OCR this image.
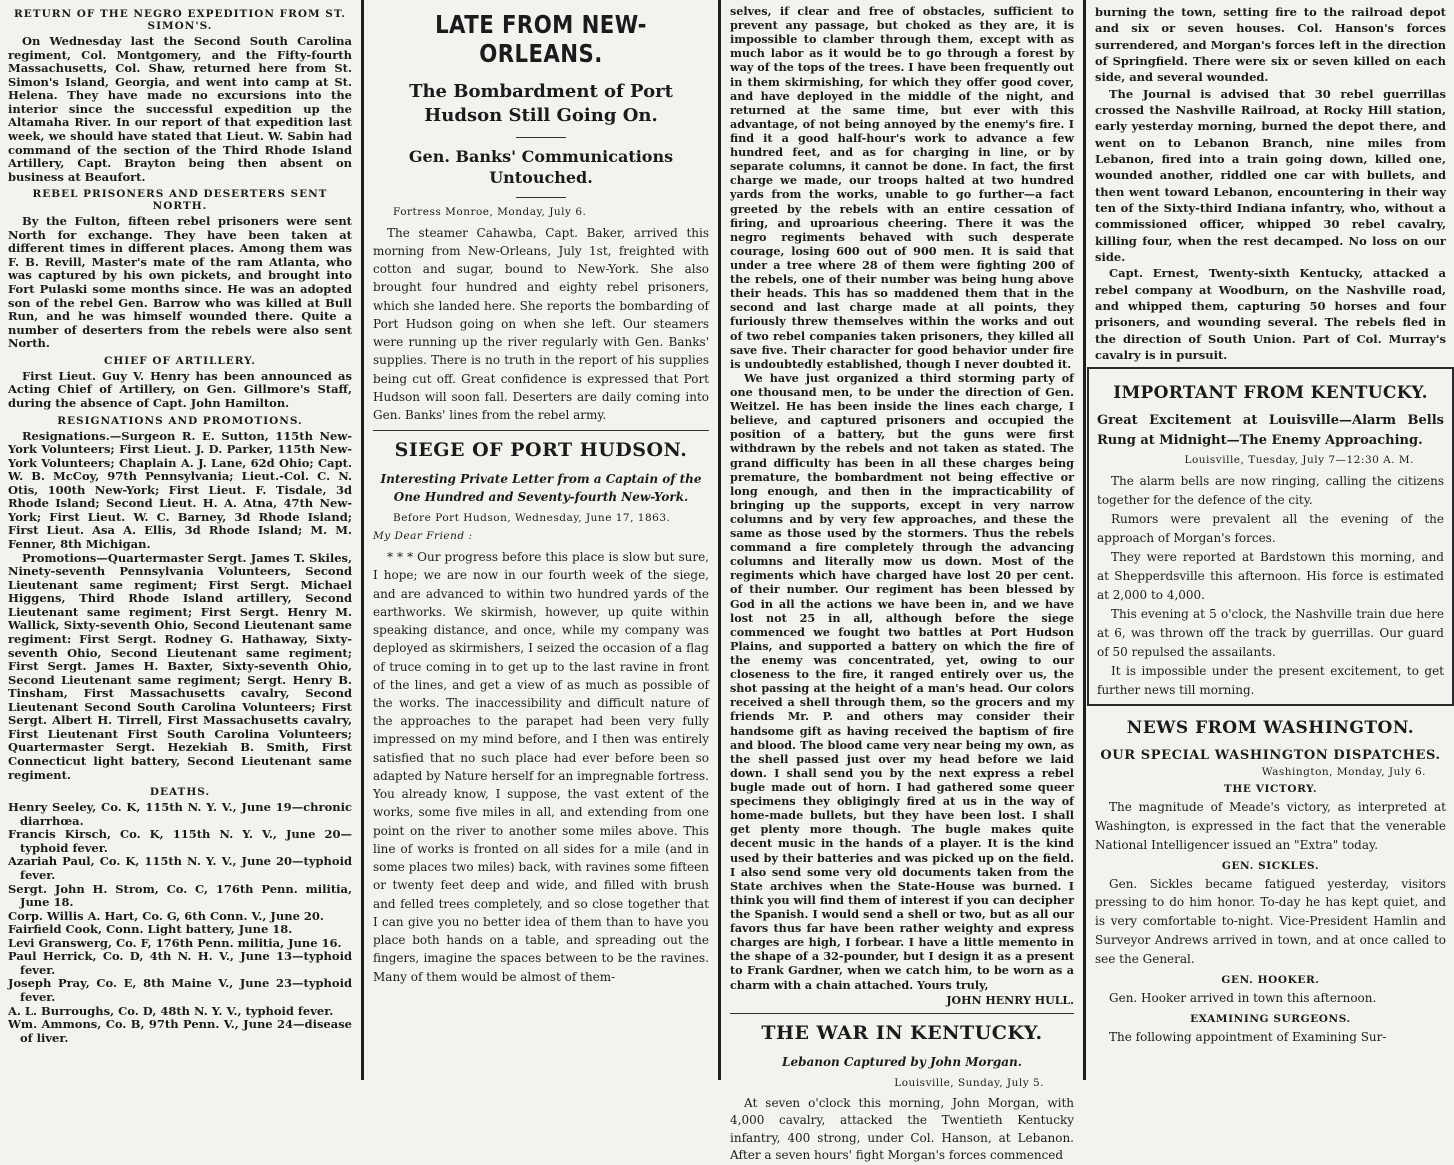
RETURN OF THE NEGRO EXPEDITION FROM ST. SIMON'S.

On Wednesday last the Second South Carolina regiment, Col. Montgomery, and the Fifty-fourth Massachusetts, Col. Shaw, returned here from St. Simon's Island, Georgia, and went into camp at St. Helena. They have made no excursions into the interior since the successful expedition up the Altamaha River. In our report of that expedition last week, we should have stated that Lieut. W. Sabin had command of the section of the Third Rhode Island Artillery, Capt. Brayton being then absent on business at Beaufort.

REBEL PRISONERS AND DESERTERS SENT NORTH.

By the Fulton, fifteen rebel prisoners were sent North for exchange. They have been taken at different times in different places. Among them was F. B. Revill, Master's mate of the ram Atlanta, who was captured by his own pickets, and brought into Fort Pulaski some months since. He was an adopted son of the rebel Gen. Barrow who was killed at Bull Run, and he was himself wounded there. Quite a number of deserters from the rebels were also sent North.

CHIEF OF ARTILLERY.

First Lieut. Guy V. Henry has been announced as Acting Chief of Artillery, on Gen. Gillmore's Staff, during the absence of Capt. John Hamilton.

RESIGNATIONS AND PROMOTIONS.

Resignations.—Surgeon R. E. Sutton, 115th New-York Volunteers; First Lieut. J. D. Parker, 115th New-York Volunteers; Chaplain A. J. Lane, 62d Ohio; Capt. W. B. McCoy, 97th Pennsylvania; Lieut.-Col. C. N. Otis, 100th New-York; First Lieut. F. Tisdale, 3d Rhode Island; Second Lieut. H. A. Atna, 47th New-York; First Lieut. W. C. Barney, 3d Rhode Island; First Lieut. Asa A. Ellis, 3d Rhode Island; M. M. Fenner, 8th Michigan.

Promotions—Quartermaster Sergt. James T. Skiles, Ninety-seventh Pennsylvania Volunteers, Second Lieutenant same regiment; First Sergt. Michael Higgens, Third Rhode Island artillery, Second Lieutenant same regiment; First Sergt. Henry M. Wallick, Sixty-seventh Ohio, Second Lieutenant same regiment: First Sergt. Rodney G. Hathaway, Sixty-seventh Ohio, Second Lieutenant same regiment; First Sergt. James H. Baxter, Sixty-seventh Ohio, Second Lieutenant same regiment; Sergt. Henry B. Tinsham, First Massachusetts cavalry, Second Lieutenant Second South Carolina Volunteers; First Sergt. Albert H. Tirrell, First Massachusetts cavalry, First Lieutenant First South Carolina Volunteers; Quartermaster Sergt. Hezekiah B. Smith, First Connecticut light battery, Second Lieutenant same regiment.

DEATHS.

Henry Seeley, Co. K, 115th N. Y. V., June 19—chronic diarrhœa.

Francis Kirsch, Co. K, 115th N. Y. V., June 20—typhoid fever.

Azariah Paul, Co. K, 115th N. Y. V., June 20—typhoid fever.

Sergt. John H. Strom, Co. C, 176th Penn. militia, June 18.

Corp. Willis A. Hart, Co. G, 6th Conn. V., June 20.

Fairfield Cook, Conn. Light battery, June 18.

Levi Granswerg, Co. F, 176th Penn. militia, June 16.

Paul Herrick, Co. D, 4th N. H. V., June 13—typhoid fever.

Joseph Pray, Co. E, 8th Maine V., June 23—typhoid fever.

A. L. Burroughs, Co. D, 48th N. Y. V., typhoid fever.

Wm. Ammons, Co. B, 97th Penn. V., June 24—disease of liver.

LATE FROM NEW-ORLEANS.
The Bombardment of Port Hudson Still Going On.
Gen. Banks' Communications Untouched.
Fortress Monroe, Monday, July 6.

The steamer Cahawba, Capt. Baker, arrived this morning from New-Orleans, July 1st, freighted with cotton and sugar, bound to New-York. She also brought four hundred and eighty rebel prisoners, which she landed here. She reports the bombarding of Port Hudson going on when she left. Our steamers were running up the river regularly with Gen. Banks' supplies. There is no truth in the report of his supplies being cut off. Great confidence is expressed that Port Hudson will soon fall. Deserters are daily coming into Gen. Banks' lines from the rebel army.

SIEGE OF PORT HUDSON.
Interesting Private Letter from a Captain of the One Hundred and Seventy-fourth New-York.
Before Port Hudson, Wednesday, June 17, 1863.
My Dear Friend :

* * * Our progress before this place is slow but sure, I hope; we are now in our fourth week of the siege, and are advanced to within two hundred yards of the earthworks. We skirmish, however, up quite within speaking distance, and once, while my company was deployed as skirmishers, I seized the occasion of a flag of truce coming in to get up to the last ravine in front of the lines, and get a view of as much as possible of the works. The inaccessibility and difficult nature of the approaches to the parapet had been very fully impressed on my mind before, and I then was entirely satisfied that no such place had ever before been so adapted by Nature herself for an impregnable fortress. You already know, I suppose, the vast extent of the works, some five miles in all, and extending from one point on the river to another some miles above. This line of works is fronted on all sides for a mile (and in some places two miles) back, with ravines some fifteen or twenty feet deep and wide, and filled with brush and felled trees completely, and so close together that I can give you no better idea of them than to have you place both hands on a table, and spreading out the fingers, imagine the spaces between to be the ravines. Many of them would be almost of them-

selves, if clear and free of obstacles, sufficient to prevent any passage, but choked as they are, it is impossible to clamber through them, except with as much labor as it would be to go through a forest by way of the tops of the trees. I have been frequently out in them skirmishing, for which they offer good cover, and have deployed in the middle of the night, and returned at the same time, but ever with this advantage, of not being annoyed by the enemy's fire. I find it a good half-hour's work to advance a few hundred feet, and as for charging in line, or by separate columns, it cannot be done. In fact, the first charge we made, our troops halted at two hundred yards from the works, unable to go further—a fact greeted by the rebels with an entire cessation of firing, and uproarious cheering. There it was the negro regiments behaved with such desperate courage, losing 600 out of 900 men. It is said that under a tree where 28 of them were fighting 200 of the rebels, one of their number was being hung above their heads. This has so maddened them that in the second and last charge made at all points, they furiously threw themselves within the works and out of two rebel companies taken prisoners, they killed all save five. Their character for good behavior under fire is undoubtedly established, though I never doubted it.

We have just organized a third storming party of one thousand men, to be under the direction of Gen. Weitzel. He has been inside the lines each charge, I believe, and captured prisoners and occupied the position of a battery, but the guns were first withdrawn by the rebels and not taken as stated. The grand difficulty has been in all these charges being premature, the bombardment not being effective or long enough, and then in the impracticability of bringing up the supports, except in very narrow columns and by very few approaches, and these the same as those used by the stormers. Thus the rebels command a fire completely through the advancing columns and literally mow us down. Most of the regiments which have charged have lost 20 per cent. of their number. Our regiment has been blessed by God in all the actions we have been in, and we have lost not 25 in all, although before the siege commenced we fought two battles at Port Hudson Plains, and supported a battery on which the fire of the enemy was concentrated, yet, owing to our closeness to the fire, it ranged entirely over us, the shot passing at the height of a man's head. Our colors received a shell through them, so the grocers and my friends Mr. P. and others may consider their handsome gift as having received the baptism of fire and blood. The blood came very near being my own, as the shell passed just over my head before we laid down. I shall send you by the next express a rebel bugle made out of horn. I had gathered some queer specimens they obligingly fired at us in the way of home-made bullets, but they have been lost. I shall get plenty more though. The bugle makes quite decent music in the hands of a player. It is the kind used by their batteries and was picked up on the field. I also send some very old documents taken from the State archives when the State-House was burned. I think you will find them of interest if you can decipher the Spanish. I would send a shell or two, but as all our favors thus far have been rather weighty and express charges are high, I forbear. I have a little memento in the shape of a 32-pounder, but I design it as a present to Frank Gardner, when we catch him, to be worn as a charm with a chain attached. Yours truly,

JOHN HENRY HULL.
THE WAR IN KENTUCKY.
Lebanon Captured by John Morgan.
Louisville, Sunday, July 5.

At seven o'clock this morning, John Morgan, with 4,000 cavalry, attacked the Twentieth Kentucky infantry, 400 strong, under Col. Hanson, at Lebanon. After a seven hours' fight Morgan's forces commenced

burning the town, setting fire to the railroad depot and six or seven houses. Col. Hanson's forces surrendered, and Morgan's forces left in the direction of Springfield. There were six or seven killed on each side, and several wounded.

The Journal is advised that 30 rebel guerrillas crossed the Nashville Railroad, at Rocky Hill station, early yesterday morning, burned the depot there, and went on to Lebanon Branch, nine miles from Lebanon, fired into a train going down, killed one, wounded another, riddled one car with bullets, and then went toward Lebanon, encountering in their way ten of the Sixty-third Indiana infantry, who, without a commissioned officer, whipped 30 rebel cavalry, killing four, when the rest decamped. No loss on our side.

Capt. Ernest, Twenty-sixth Kentucky, attacked a rebel company at Woodburn, on the Nashville road, and whipped them, capturing 50 horses and four prisoners, and wounding several. The rebels fled in the direction of South Union. Part of Col. Murray's cavalry is in pursuit.

IMPORTANT FROM KENTUCKY.
Great Excitement at Louisville—Alarm Bells Rung at Midnight—The Enemy Approaching.
Louisville, Tuesday, July 7—12:30 A. M.

The alarm bells are now ringing, calling the citizens together for the defence of the city.

Rumors were prevalent all the evening of the approach of Morgan's forces.

They were reported at Bardstown this morning, and at Shepperdsville this afternoon. His force is estimated at 2,000 to 4,000.

This evening at 5 o'clock, the Nashville train due here at 6, was thrown off the track by guerrillas. Our guard of 50 repulsed the assailants.

It is impossible under the present excitement, to get further news till morning.

NEWS FROM WASHINGTON.
OUR SPECIAL WASHINGTON DISPATCHES.
Washington, Monday, July 6.
THE VICTORY.

The magnitude of Meade's victory, as interpreted at Washington, is expressed in the fact that the venerable National Intelligencer issued an "Extra" today.

GEN. SICKLES.

Gen. Sickles became fatigued yesterday, visitors pressing to do him honor. To-day he has kept quiet, and is very comfortable to-night. Vice-President Hamlin and Surveyor Andrews arrived in town, and at once called to see the General.

GEN. HOOKER.

Gen. Hooker arrived in town this afternoon.

EXAMINING SURGEONS.

The following appointment of Examining Sur-
